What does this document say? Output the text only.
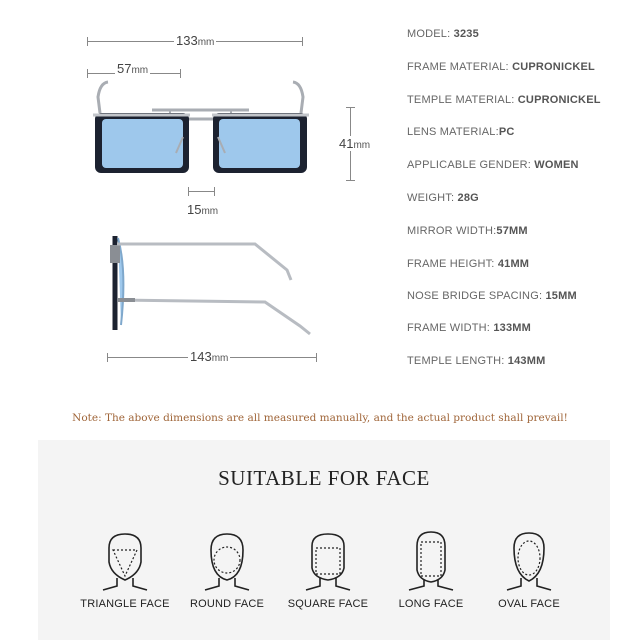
133mm
57mm
41mm
15mm
143mm
MODEL: 3235
FRAME MATERIAL: CUPRONICKEL
TEMPLE MATERIAL: CUPRONICKEL
LENS MATERIAL:PC
APPLICABLE GENDER: WOMEN
WEIGHT: 28G
MIRROR WIDTH:57MM
FRAME HEIGHT: 41MM
NOSE BRIDGE SPACING: 15MM
FRAME WIDTH: 133MM
TEMPLE LENGTH: 143MM
Note: The above dimensions are all measured manually, and the actual product shall prevail!
SUITABLE FOR FACE
TRIANGLE FACE	ROUND FACE	SQUARE FACE	LONG FACE	OVAL FACE
